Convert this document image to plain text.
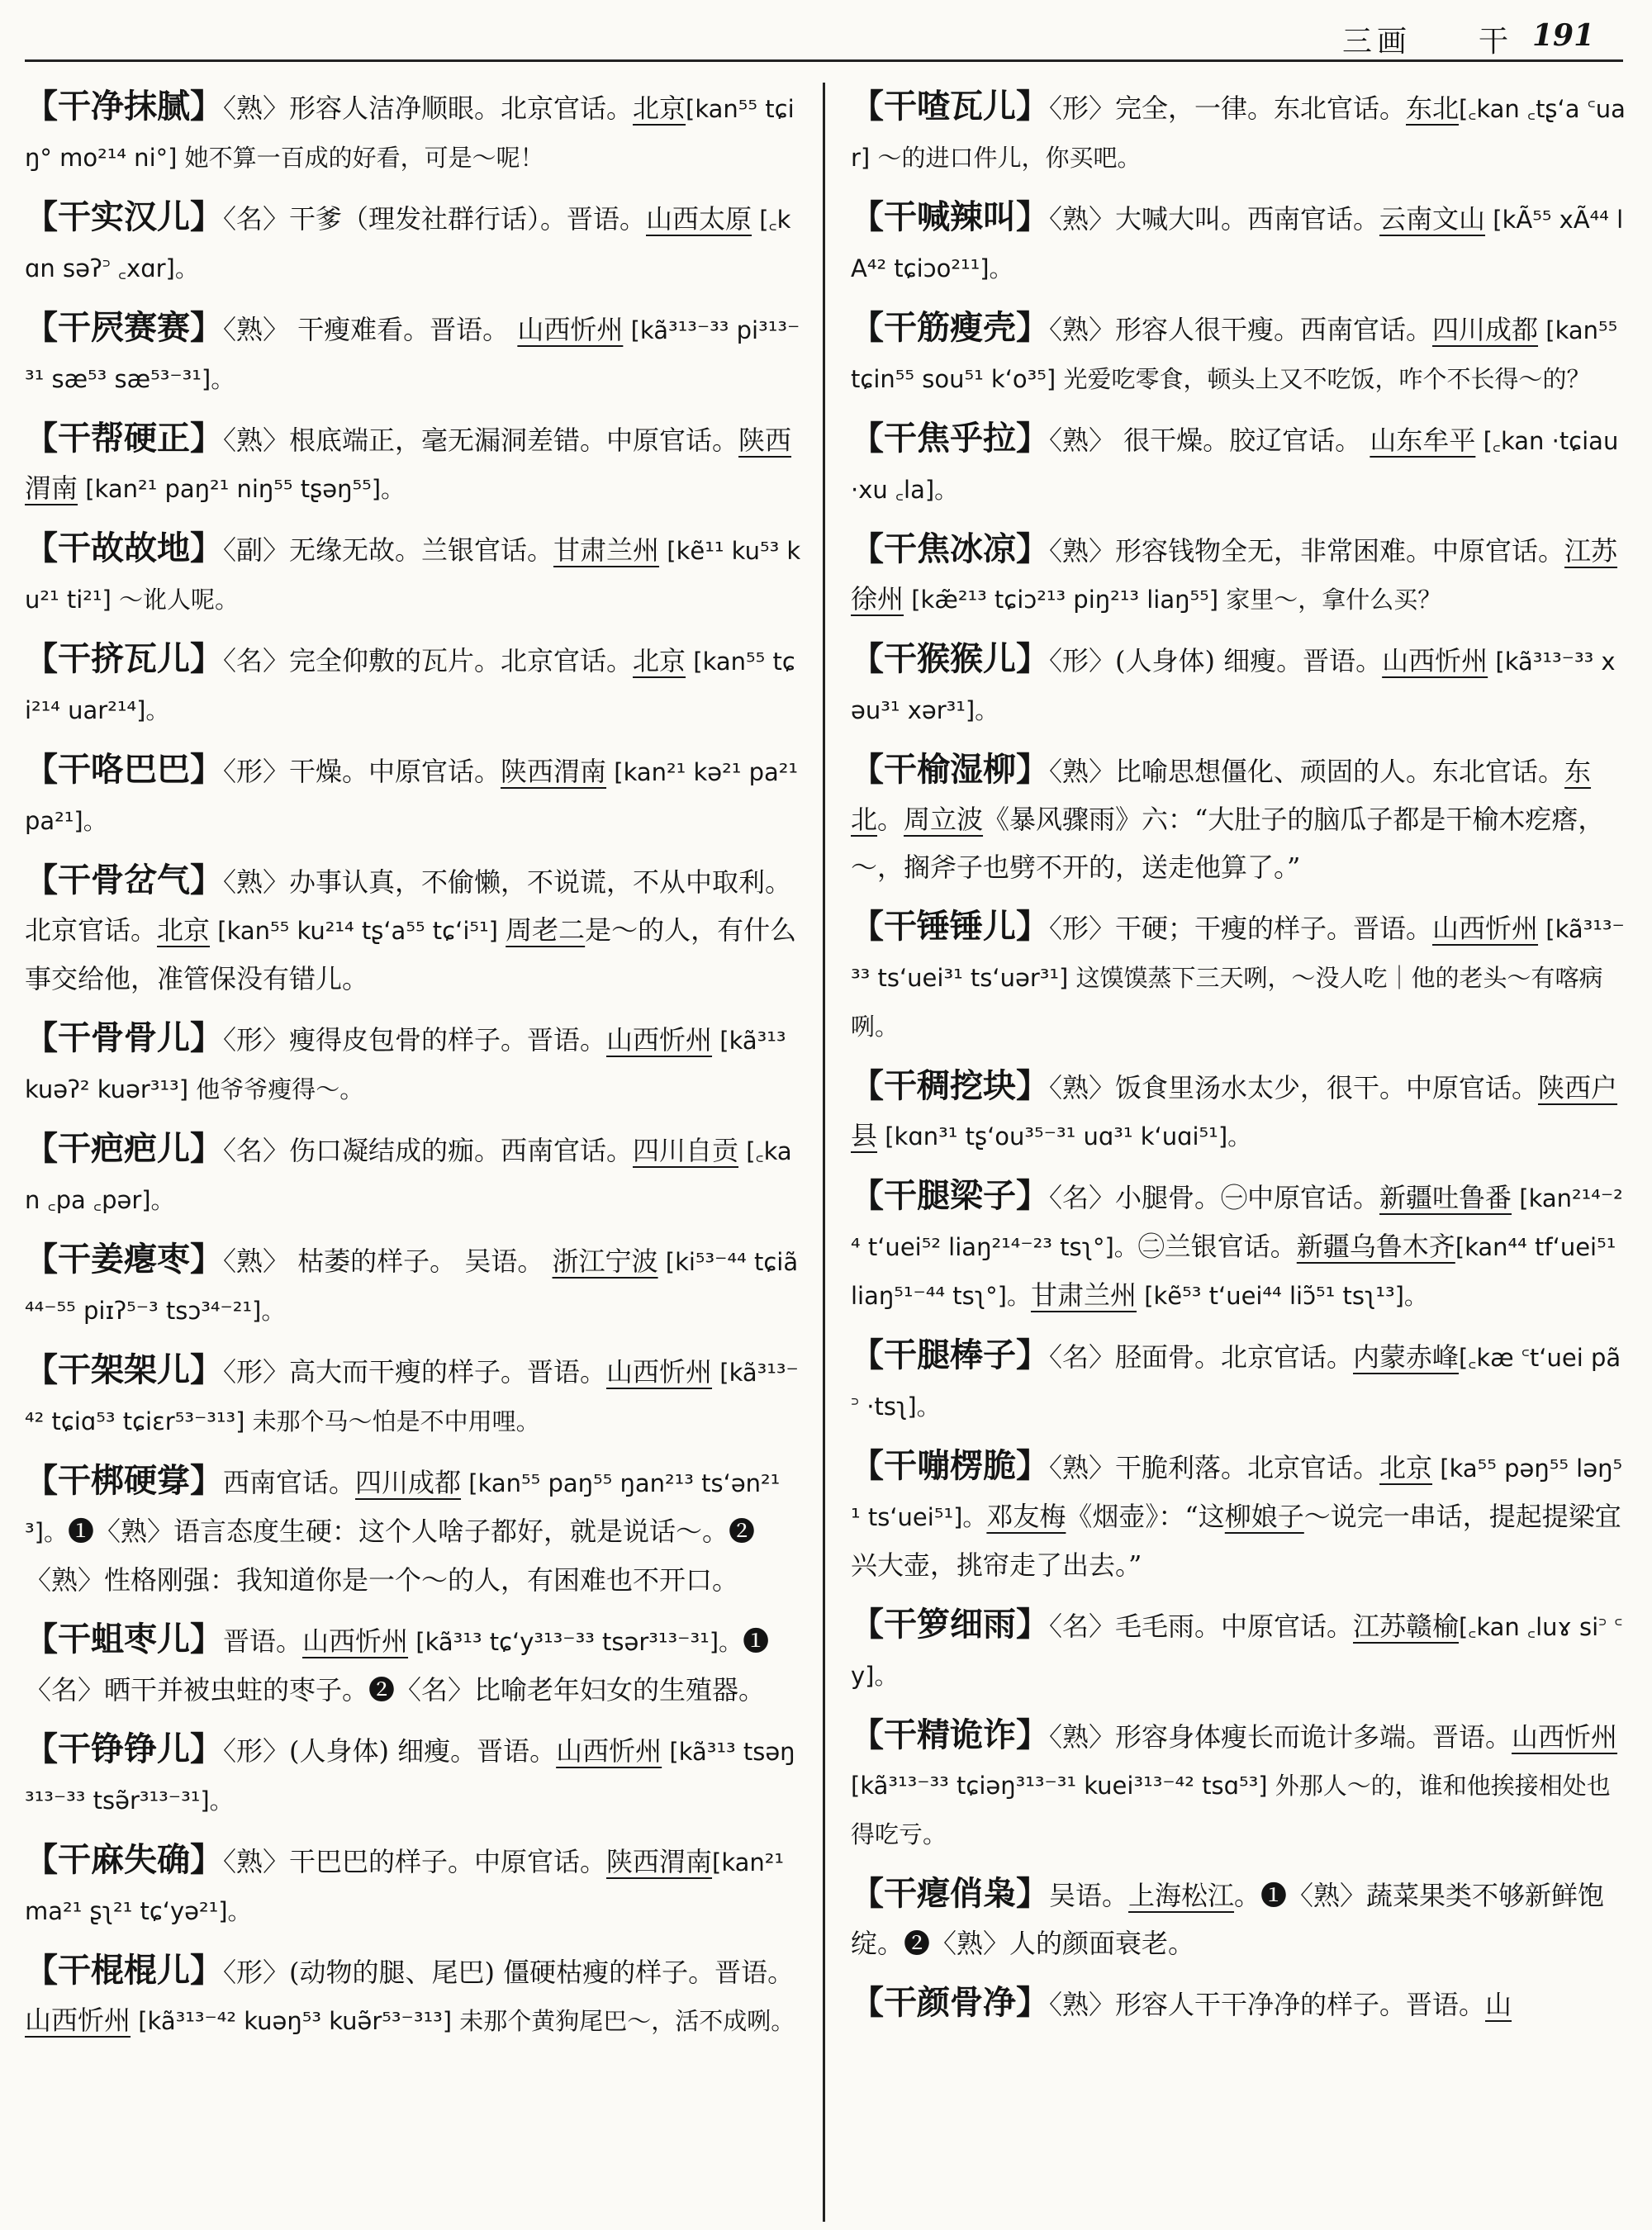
三画 干 191

【干净抹腻】〈熟〉形容人洁净顺眼。北京官话。北京[kan⁵⁵ tɕiŋ° mo²¹⁴ ni°] 她不算一百成的好看，可是～呢！

【干实汉儿】〈名〉干爹（理发社群行话）。晋语。山西太原 [꜀kɑn səʔ꜄ ꜀xɑr]。

【干屄赛赛】〈熟〉 干瘦难看。晋语。 山西忻州 [kã³¹³⁻³³ pi³¹³⁻³¹ sæ⁵³ sæ⁵³⁻³¹]。

【干帮硬正】〈熟〉根底端正，毫无漏洞差错。中原官话。陕西渭南 [kan²¹ paŋ²¹ niŋ⁵⁵ tʂəŋ⁵⁵]。

【干故故地】〈副〉无缘无故。兰银官话。甘肃兰州 [kẽ¹¹ ku⁵³ ku²¹ ti²¹] ～讹人呢。

【干挤瓦儿】〈名〉完全仰敷的瓦片。北京官话。北京 [kan⁵⁵ tɕi²¹⁴ uar²¹⁴]。

【干咯巴巴】〈形〉干燥。中原官话。陕西渭南 [kan²¹ kə²¹ pa²¹ pa²¹]。

【干骨岔气】〈熟〉办事认真，不偷懒，不说谎，不从中取利。北京官话。北京 [kan⁵⁵ ku²¹⁴ tʂʻa⁵⁵ tɕʻi⁵¹] 周老二是～的人，有什么事交给他，准管保没有错儿。

【干骨骨儿】〈形〉瘦得皮包骨的样子。晋语。山西忻州 [kã³¹³ kuəʔ² kuər³¹³] 他爷爷瘦得～。

【干疤疤儿】〈名〉伤口凝结成的痂。西南官话。四川自贡 [꜀kan ꜀pa ꜀pər]。

【干姜瘪枣】〈熟〉 枯萎的样子。 吴语。 浙江宁波 [ki⁵³⁻⁴⁴ tɕiã⁴⁴⁻⁵⁵ piɪʔ⁵⁻³ tsɔ³⁴⁻²¹]。

【干架架儿】〈形〉高大而干瘦的样子。晋语。山西忻州 [kã³¹³⁻⁴² tɕiɑ⁵³ tɕiɛr⁵³⁻³¹³] 未那个马～怕是不中用哩。

【干梆硬牚】西南官话。四川成都 [kan⁵⁵ paŋ⁵⁵ ŋan²¹³ tsʻən²¹³]。❶〈熟〉语言态度生硬：这个人啥子都好，就是说话～。❷〈熟〉性格刚强：我知道你是一个～的人，有困难也不开口。

【干蛆枣儿】晋语。山西忻州 [kã³¹³ tɕʻy³¹³⁻³³ tsər³¹³⁻³¹]。❶〈名〉晒干并被虫蛀的枣子。❷〈名〉比喻老年妇女的生殖器。

【干铮铮儿】〈形〉(人身体) 细瘦。晋语。山西忻州 [kã³¹³ tsəŋ³¹³⁻³³ tsə̃r³¹³⁻³¹]。

【干麻失确】〈熟〉干巴巴的样子。中原官话。陕西渭南[kan²¹ ma²¹ ʂʅ²¹ tɕʻyə²¹]。

【干棍棍儿】〈形〉(动物的腿、尾巴) 僵硬枯瘦的样子。晋语。山西忻州 [kã³¹³⁻⁴² kuəŋ⁵³ kuə̃r⁵³⁻³¹³] 未那个黄狗尾巴～，活不成咧。

【干喳瓦儿】〈形〉完全，一律。东北官话。东北[꜀kan ꜀tʂʻa ꜂uar] ～的进口件儿，你买吧。

【干喊辣叫】〈熟〉大喊大叫。西南官话。云南文山 [kÃ⁵⁵ xÃ⁴⁴ lA⁴² tɕiɔo²¹¹]。

【干筋瘦壳】〈熟〉形容人很干瘦。西南官话。四川成都 [kan⁵⁵ tɕin⁵⁵ sou⁵¹ kʻo³⁵] 光爱吃零食，顿头上又不吃饭，咋个不长得～的？

【干焦乎拉】〈熟〉 很干燥。胶辽官话。 山东牟平 [꜀kan ·tɕiau ·xu ꜀la]。

【干焦冰凉】〈熟〉形容钱物全无，非常困难。中原官话。江苏徐州 [kæ̃²¹³ tɕiɔ²¹³ piŋ²¹³ liaŋ⁵⁵] 家里～，拿什么买？

【干猴猴儿】〈形〉(人身体) 细瘦。晋语。山西忻州 [kã³¹³⁻³³ xəu³¹ xər³¹]。

【干榆湿柳】〈熟〉比喻思想僵化、顽固的人。东北官话。东北。周立波《暴风骤雨》六：“大肚子的脑瓜子都是干榆木疙瘩，～，搁斧子也劈不开的，送走他算了。”

【干锤锤儿】〈形〉干硬；干瘦的样子。晋语。山西忻州 [kã³¹³⁻³³ tsʻuei³¹ tsʻuər³¹] 这馍馍蒸下三天咧，～没人吃｜他的老头～有喀病咧。

【干稠挖块】〈熟〉饭食里汤水太少，很干。中原官话。陕西户县 [kɑn³¹ tʂʻou³⁵⁻³¹ uɑ³¹ kʻuɑi⁵¹]。

【干腿梁子】〈名〉小腿骨。㊀中原官话。新疆吐鲁番 [kan²¹⁴⁻²⁴ tʻuei⁵² liaŋ²¹⁴⁻²³ tsʅ°]。㊁兰银官话。新疆乌鲁木齐[kan⁴⁴ tfʻuei⁵¹ liaŋ⁵¹⁻⁴⁴ tsʅ°]。甘肃兰州 [kẽ⁵³ tʻuei⁴⁴ liɔ̃⁵¹ tsʅ¹³]。

【干腿棒子】〈名〉胫面骨。北京官话。内蒙赤峰[꜀kæ ꜂tʻuei pã꜄ ·tsʅ]。

【干嘣楞脆】〈熟〉干脆利落。北京官话。北京 [ka⁵⁵ pəŋ⁵⁵ ləŋ⁵¹ tsʻuei⁵¹]。邓友梅《烟壶》：“这柳娘子～说完一串话，提起提梁宜兴大壶，挑帘走了出去。”

【干箩细雨】〈名〉毛毛雨。中原官话。江苏赣榆[꜀kan ꜀luɤ si꜄ ꜂y]。

【干精诡诈】〈熟〉形容身体瘦长而诡计多端。晋语。山西忻州[kã³¹³⁻³³ tɕiəŋ³¹³⁻³¹ kuei³¹³⁻⁴² tsɑ⁵³] 外那人～的，谁和他挨接相处也得吃亏。

【干瘪俏枭】吴语。上海松江。❶〈熟〉蔬菜果类不够新鲜饱绽。❷〈熟〉人的颜面衰老。

【干颜骨净】〈熟〉形容人干干净净的样子。晋语。山
